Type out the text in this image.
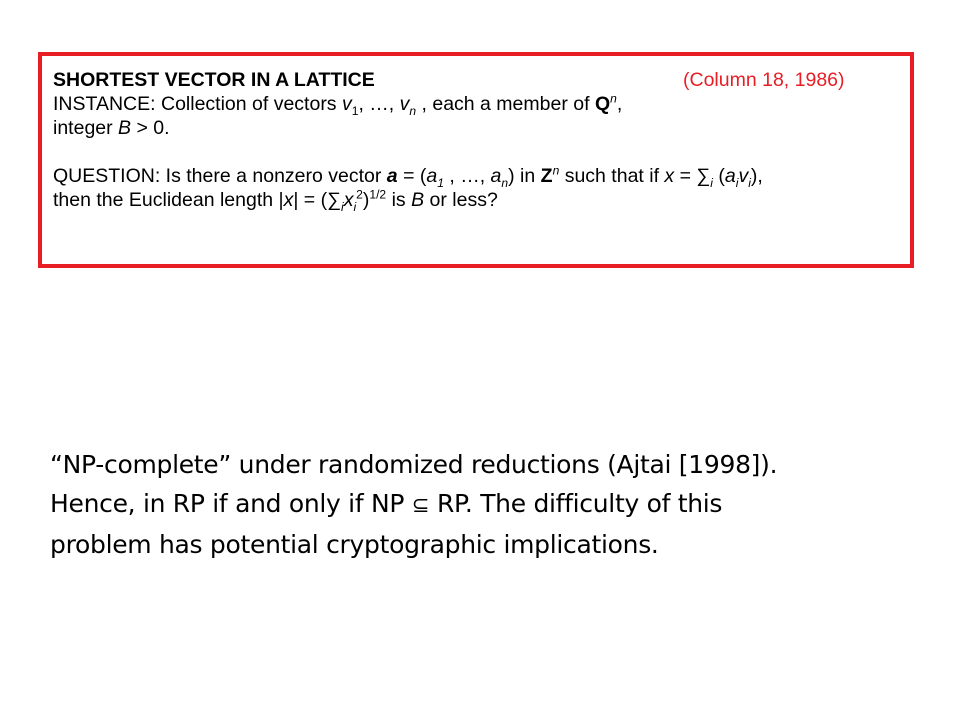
SHORTEST VECTOR IN A LATTICE	(Column 18, 1986)
INSTANCE: Collection of vectors $v_1$, …, $v_n$ , each a member of $Q^n$,
integer B > 0.
QUESTION: Is there a nonzero vector $a = (a_1$ , …, $a_n$) in $Z^n$ such that if $x = \sum_i$ $(a_iv_i)$,
then the Euclidean length $|x| = (\sum_ix_i^2)^{1/2}$ is B or less?
“NP-complete” under randomized reductions (Ajtai [1998]).
Hence, in RP if and only if NP ⊆ RP. The difficulty of this
problem has potential cryptographic implications.
